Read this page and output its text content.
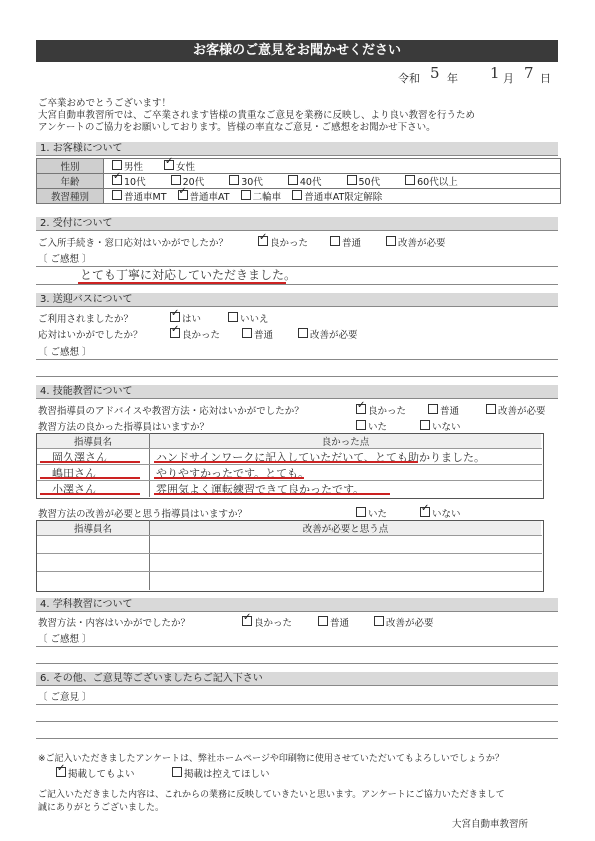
お客様のご意見をお聞かせください
令和 5 年 1 月 7 日
ご卒業おめでとうございます！
大宮自動車教習所では、ご卒業されます皆様の貴重なご意見を業務に反映し、より良い教習を行うため
アンケートのご協力をお願いしております。皆様の率直なご意見・ご感想をお聞かせ下さい。
1. お客様について
性別	男性 ✓ 女性
年齢	✓10代 20代 30代 40代 50代 60代以上
教習種別	普通車MT ✓ 普通車AT 二輪車 普通車AT限定解除
2. 受付について
ご入所手続き・窓口応対はいかがでしたか？ ✓	良かった	普通	改善が必要
〔 ご感想 〕
とても丁寧に対応していただきました。
3. 送迎バスについて
ご利用されましたか？ ✓	はい	いいえ
応対はいかがでしたか？ ✓	良かった	普通	改善が必要
〔 ご感想 〕
4. 技能教習について
教習指導員のアドバイスや教習方法・応対はいかがでしたか？ ✓	良かった	普通	改善が必要
教習方法の良かった指導員はいますか？	いた	いない
指導員名	良かった点
岡久澤さん	ハンドサインワークに記入していただいて、とても助かりました。
嶋田さん	やりやすかったです。とても。
小澤さん	雰囲気よく運転練習できて良かったです。
教習方法の改善が必要と思う指導員はいますか？	いた ✓	いない
指導員名	改善が必要と思う点
4. 学科教習について
教習方法・内容はいかがでしたか？ ✓	良かった	普通	改善が必要
〔 ご感想 〕
6. その他、ご意見等ございましたらご記入下さい
〔 ご意見 〕
※ご記入いただきましたアンケートは、弊社ホームページや印刷物に使用させていただいてもよろしいでしょうか？
✓掲載してもよい	掲載は控えてほしい
ご記入いただきました内容は、これからの業務に反映していきたいと思います。アンケートにご協力いただきまして
誠にありがとうございました。
大宮自動車教習所
